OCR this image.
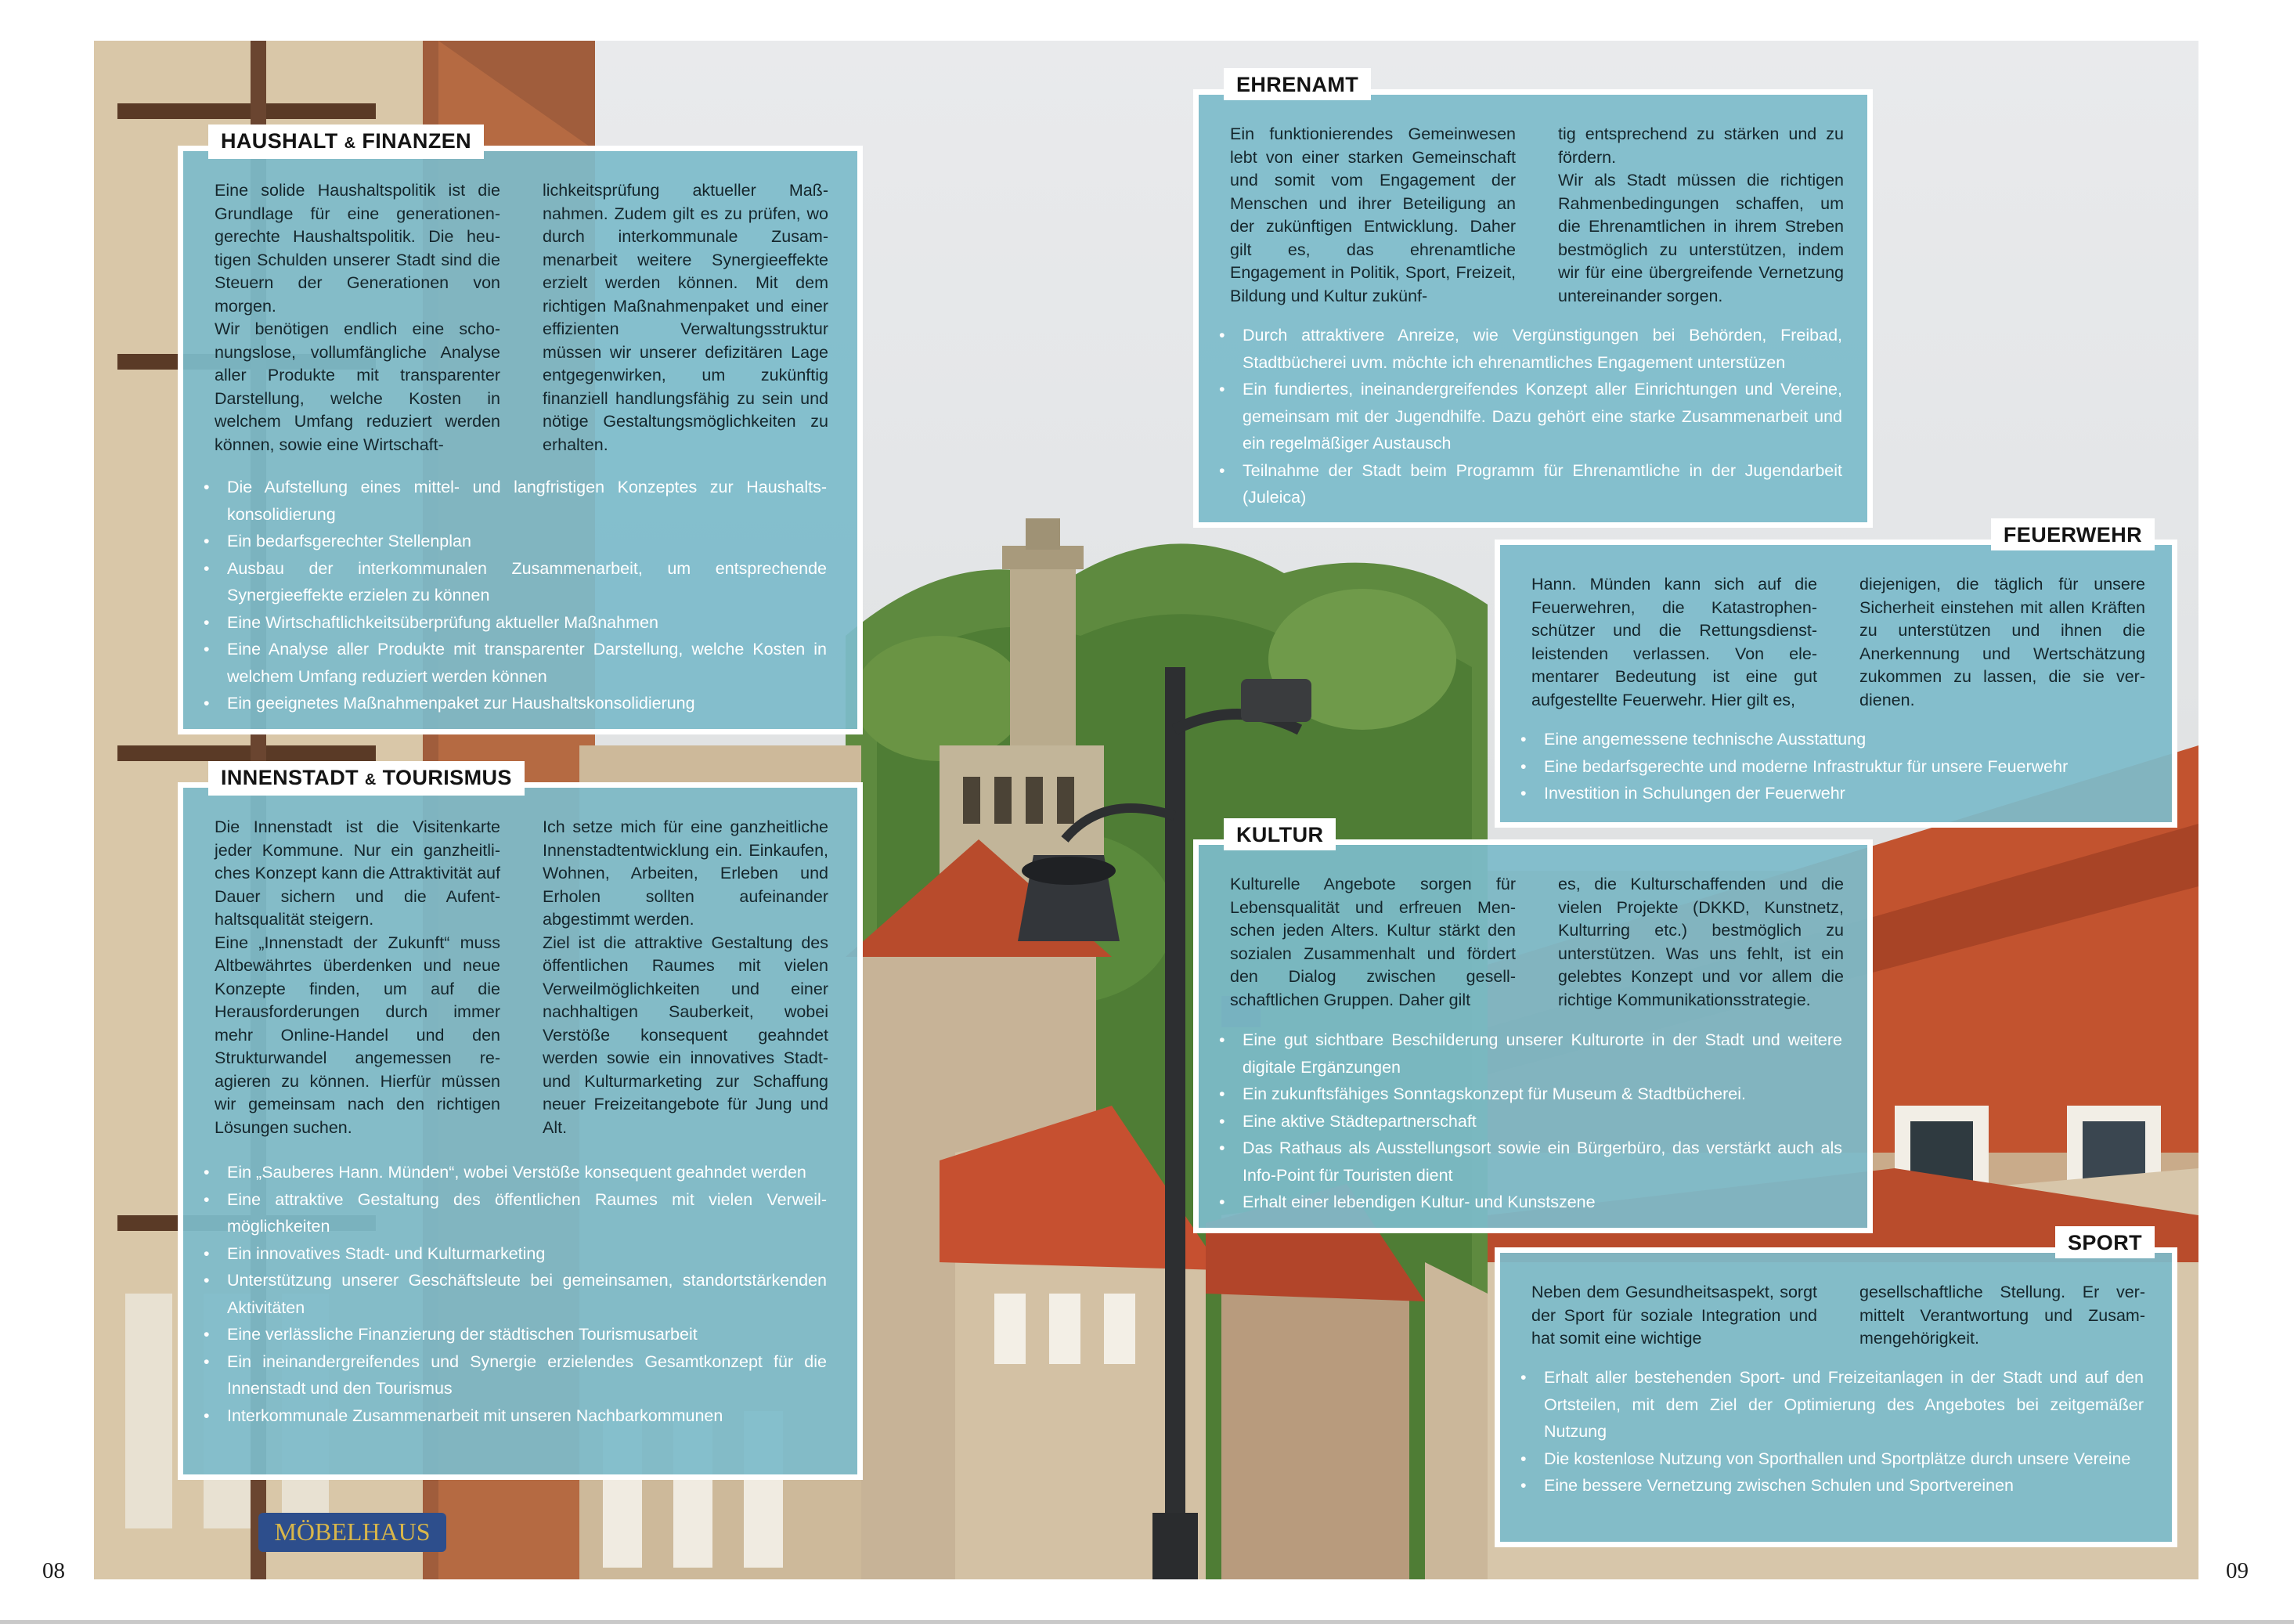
MÖBELHAUS
HAUSHALT & FINANZEN

Eine solide Haushaltspolitik ist die Grundlage für eine generationengerechte Haushaltspolitik. Die heutigen Schulden unserer Stadt sind die Steuern der Generationen von morgen.
Wir benötigen endlich eine schonungslose, vollumfängliche Analyse aller Produkte mit transparenter Darstellung, welche Kosten in welchem Umfang reduziert werden können, sowie eine Wirtschaft-

lichkeitsprüfung aktueller Maßnahmen. Zudem gilt es zu prüfen, wo durch interkommunale Zusammenarbeit weitere Synergieeffekte erzielt werden können. Mit dem richtigen Maßnahmenpaket und einer effizienten Verwaltungsstruktur müssen wir unserer defizitären Lage entgegenwirken, um zukünftig finanziell handlungsfähig zu sein und nötige Gestaltungsmöglichkeiten zu erhalten.

• Die Aufstellung eines mittel- und langfristigen Konzeptes zur Haushaltskonsolidierung
• Ein bedarfsgerechter Stellenplan
• Ausbau der interkommunalen Zusammenarbeit, um entsprechende Synergieeffekte erzielen zu können
• Eine Wirtschaftlichkeitsüberprüfung aktueller Maßnahmen
• Eine Analyse aller Produkte mit transparenter Darstellung, welche Kosten in welchem Umfang reduziert werden können
• Ein geeignetes Maßnahmenpaket zur Haushaltskonsolidierung
INNENSTADT & TOURISMUS

Die Innenstadt ist die Visitenkarte jeder Kommune. Nur ein ganzheitliches Konzept kann die Attraktivität auf Dauer sichern und die Aufenthaltsqualität steigern.
Eine „Innenstadt der Zukunft“ muss Altbewährtes überdenken und neue Konzepte finden, um auf die Herausforderungen durch immer mehr Online-Handel und den Strukturwandel angemessen reagieren zu können. Hierfür müssen wir gemeinsam nach den richtigen Lösungen suchen.

Ich setze mich für eine ganzheitliche Innenstadtentwicklung ein. Einkaufen, Wohnen, Arbeiten, Erleben und Erholen sollten aufeinander abgestimmt werden.
Ziel ist die attraktive Gestaltung des öffentlichen Raumes mit vielen Verweilmöglichkeiten und einer nachhaltigen Sauberkeit, wobei Verstöße konsequent geahndet werden sowie ein innovatives Stadt- und Kulturmarketing zur Schaffung neuer Freizeitangebote für Jung und Alt.

• Ein „Sauberes Hann. Münden“, wobei Verstöße konsequent geahndet werden
• Eine attraktive Gestaltung des öffentlichen Raumes mit vielen Verweilmöglichkeiten
• Ein innovatives Stadt- und Kulturmarketing
• Unterstützung unserer Geschäftsleute bei gemeinsamen, standortstärkenden Aktivitäten
• Eine verlässliche Finanzierung der städtischen Tourismusarbeit
• Ein ineinandergreifendes und Synergie erzielendes Gesamtkonzept für die Innenstadt und den Tourismus
• Interkommunale Zusammenarbeit mit unseren Nachbarkommunen
EHRENAMT

Ein funktionierendes Gemeinwesen lebt von einer starken Gemeinschaft und somit vom Engagement der Menschen und ihrer Beteiligung an der zukünftigen Entwicklung. Daher gilt es, das ehrenamtliche Engagement in Politik, Sport, Freizeit, Bildung und Kultur zukünf-

tig entsprechend zu stärken und zu fördern.
Wir als Stadt müssen die richtigen Rahmenbedingungen schaffen, um die Ehrenamtlichen in ihrem Streben bestmöglich zu unterstützen, indem wir für eine übergreifende Vernetzung untereinander sorgen.

• Durch attraktivere Anreize, wie Vergünstigungen bei Behörden, Freibad, Stadtbücherei uvm. möchte ich ehrenamtliches Engagement unterstüzen
• Ein fundiertes, ineinandergreifendes Konzept aller Einrichtungen und Vereine, gemeinsam mit der Jugendhilfe. Dazu gehört eine starke Zusammenarbeit und ein regelmäßiger Austausch
• Teilnahme der Stadt beim Programm für Ehrenamtliche in der Jugendarbeit (Juleica)
FEUERWEHR

Hann. Münden kann sich auf die Feuerwehren, die Katastrophenschützer und die Rettungsdienstleistenden verlassen. Von elementarer Bedeutung ist eine gut aufgestellte Feuerwehr. Hier gilt es,

diejenigen, die täglich für unsere Sicherheit einstehen mit allen Kräften zu unterstützen und ihnen die Anerkennung und Wertschätzung zukommen zu lassen, die sie verdienen.

• Eine angemessene technische Ausstattung
• Eine bedarfsgerechte und moderne Infrastruktur für unsere Feuerwehr
• Investition in Schulungen der Feuerwehr
KULTUR

Kulturelle Angebote sorgen für Lebensqualität und erfreuen Menschen jeden Alters. Kultur stärkt den sozialen Zusammenhalt und fördert den Dialog zwischen gesellschaftlichen Gruppen. Daher gilt

es, die Kulturschaffenden und die vielen Projekte (DKKD, Kunstnetz, Kulturring etc.) bestmöglich zu unterstützen. Was uns fehlt, ist ein gelebtes Konzept und vor allem die richtige Kommunikationsstrategie.

• Eine gut sichtbare Beschilderung unserer Kulturorte in der Stadt und weitere digitale Ergänzungen
• Ein zukunftsfähiges Sonntagskonzept für Museum & Stadtbücherei.
• Eine aktive Städtepartnerschaft
• Das Rathaus als Ausstellungsort sowie ein Bürgerbüro, das verstärkt auch als Info-Point für Touristen dient
• Erhalt einer lebendigen Kultur- und Kunstszene
SPORT

Neben dem Gesundheitsaspekt, sorgt der Sport für soziale Integration und hat somit eine wichtige

gesellschaftliche Stellung. Er vermittelt Verantwortung und Zusammengehörigkeit.

• Erhalt aller bestehenden Sport- und Freizeitanlagen in der Stadt und auf den Ortsteilen, mit dem Ziel der Optimierung des Angebotes bei zeitgemäßer Nutzung
• Die kostenlose Nutzung von Sporthallen und Sportplätze durch unsere Vereine
• Eine bessere Vernetzung zwischen Schulen und Sportvereinen
08	09
